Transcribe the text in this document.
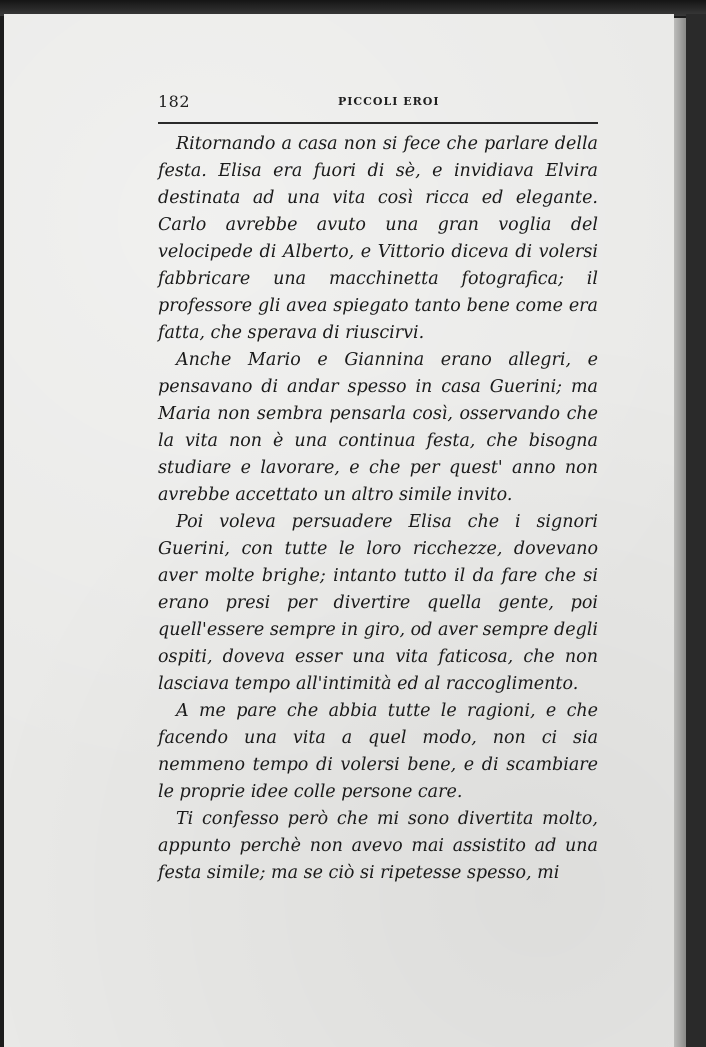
182	PICCOLI EROI

Ritornando a casa non si fece che parlare della festa. Elisa era fuori di sè, e invidiava Elvira destinata ad una vita così ricca ed elegante. Carlo avrebbe avuto una gran voglia del velocipede di Alberto, e Vittorio diceva di volersi fabbricare una macchinetta fotografica; il professore gli avea spiegato tanto bene come era fatta, che sperava di riuscirvi.

Anche Mario e Giannina erano allegri, e pensavano di andar spesso in casa Guerini; ma Maria non sembra pensarla così, osservando che la vita non è una continua festa, che bisogna studiare e lavorare, e che per quest' anno non avrebbe accettato un altro simile invito.

Poi voleva persuadere Elisa che i signori Guerini, con tutte le loro ricchezze, dovevano aver molte brighe; intanto tutto il da fare che si erano presi per divertire quella gente, poi quell'essere sempre in giro, od aver sempre degli ospiti, doveva esser una vita faticosa, che non lasciava tempo all'intimità ed al raccoglimento.

A me pare che abbia tutte le ragioni, e che facendo una vita a quel modo, non ci sia nemmeno tempo di volersi bene, e di scambiare le proprie idee colle persone care.

Ti confesso però che mi sono divertita molto, appunto perchè non avevo mai assistito ad una festa simile; ma se ciò si ripetesse spesso, mi
